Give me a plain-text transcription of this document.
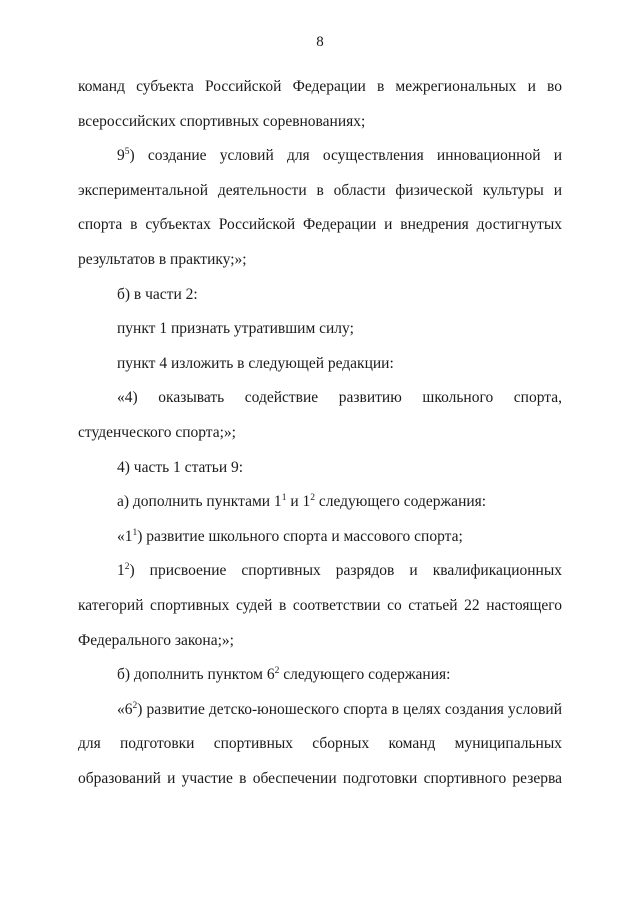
8
команд субъекта Российской Федерации в межрегиональных и во
всероссийских спортивных соревнованиях;
$9^5$) создание условий для осуществления инновационной и
экспериментальной деятельности в области физической культуры и
спорта в субъектах Российской Федерации и внедрения достигнутых
результатов в практику;»;
б) в части 2:
пункт 1 признать утратившим силу;
пункт 4 изложить в следующей редакции:
«4) оказывать содействие развитию школьного спорта,
студенческого спорта;»;
4) часть 1 статьи 9:
а) дополнить пунктами $1^1$ и $1^2$ следующего содержания:
«$1^1$) развитие школьного спорта и массового спорта;
$1^2$) присвоение спортивных разрядов и квалификационных
категорий спортивных судей в соответствии со статьей 22 настоящего
Федерального закона;»;
б) дополнить пунктом $6^2$ следующего содержания:
«$6^2$) развитие детско-юношеского спорта в целях создания условий
для подготовки спортивных сборных команд муниципальных
образований и участие в обеспечении подготовки спортивного резерва
